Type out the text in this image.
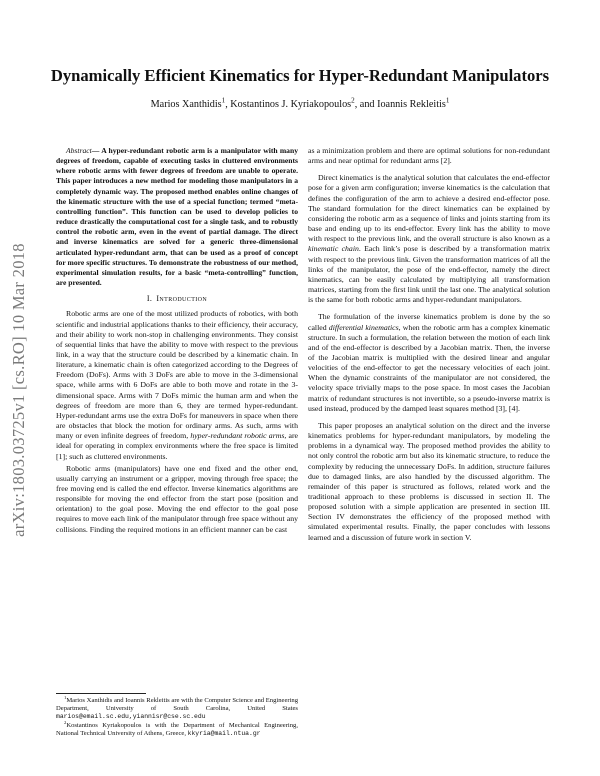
arXiv:1803.03725v1 [cs.RO] 10 Mar 2018
Dynamically Efficient Kinematics for Hyper-Redundant Manipulators
Marios Xanthidis$^1$, Kostantinos J. Kyriakopoulos$^2$, and Ioannis Rekleitis$^1$

Abstract— A hyper-redundant robotic arm is a manipulator with many degrees of freedom, capable of executing tasks in cluttered environments where robotic arms with fewer degrees of freedom are unable to operate. This paper introduces a new method for modeling those manipulators in a completely dynamic way. The proposed method enables online changes of the kinematic structure with the use of a special function; termed “meta-controlling function”. This function can be used to develop policies to reduce drastically the computational cost for a single task, and to robustly control the robotic arm, even in the event of partial damage. The direct and inverse kinematics are solved for a generic three-dimensional articulated hyper-redundant arm, that can be used as a proof of concept for more specific structures. To demonstrate the robustness of our method, experimental simulation results, for a basic “meta-controlling” function, are presented.

I. Introduction

Robotic arms are one of the most utilized products of robotics, with both scientific and industrial applications thanks to their efficiency, their accuracy, and their ability to work non-stop in challenging environments. They consist of sequential links that have the ability to move with respect to the previous link, in a way that the structure could be described by a kinematic chain. In literature, a kinematic chain is often categorized according to the Degrees of Freedom (DoFs). Arms with 3 DoFs are able to move in the 3-dimensional space, while arms with 6 DoFs are able to both move and rotate in the 3-dimensional space. Arms with 7 DoFs mimic the human arm and when the degrees of freedom are more than 6, they are termed hyper-redundant. Hyper-redundant arms use the extra DoFs for maneuvers in space when there are obstacles that block the motion for ordinary arms. As such, arms with many or even infinite degrees of freedom, hyper-redundant robotic arms, are ideal for operating in complex environments where the free space is limited [1]; such as cluttered environments.

Robotic arms (manipulators) have one end fixed and the other end, usually carrying an instrument or a gripper, moving through free space; the free moving end is called the end effector. Inverse kinematics algorithms are responsible for moving the end effector from the start pose (position and orientation) to the goal pose. Moving the end effector to the goal pose requires to move each link of the manipulator through free space without any collisions. Finding the required motions in an efficient manner can be cast

as a minimization problem and there are optimal solutions for non-redundant arms and near optimal for redundant arms [2].

Direct kinematics is the analytical solution that calculates the end-effector pose for a given arm configuration; inverse kinematics is the calculation that defines the configuration of the arm to achieve a desired end-effector pose. The standard formulation for the direct kinematics can be explained by considering the robotic arm as a sequence of links and joints starting from its base and ending up to its end-effector. Every link has the ability to move with respect to the previous link, and the overall structure is also known as a kinematic chain. Each link’s pose is described by a transformation matrix with respect to the previous link. Given the transformation matrices of all the links of the manipulator, the pose of the end-effector, namely the direct kinematics, can be easily calculated by multiplying all transformation matrices, starting from the first link until the last one. The analytical solution is the same for both robotic arms and hyper-redundant manipulators.

The formulation of the inverse kinematics problem is done by the so called differential kinematics, when the robotic arm has a complex kinematic structure. In such a formulation, the relation between the motion of each link and of the end-effector is described by a Jacobian matrix. Then, the inverse of the Jacobian matrix is multiplied with the desired linear and angular velocities of the end-effector to get the necessary velocities of each joint. When the dynamic constraints of the manipulator are not considered, the velocity space trivially maps to the pose space. In most cases the Jacobian matrix of redundant structures is not invertible, so a pseudo-inverse matrix is used instead, produced by the damped least squares method [3], [4].

This paper proposes an analytical solution on the direct and the inverse kinematics problems for hyper-redundant manipulators, by modeling the problems in a dynamical way. The proposed method provides the ability to not only control the robotic arm but also its kinematic structure, to reduce the complexity by reducing the unnecessary DoFs. In addition, structure failures due to damaged links, are also handled by the discussed algorithm. The remainder of this paper is structured as follows, related work and the traditional approach to these problems is discussed in section II. The proposed solution with a simple application are presented in section III. Section IV demonstrates the efficiency of the proposed method with simulated experimental results. Finally, the paper concludes with lessons learned and a discussion of future work in section V.

$^1$Marios Xanthidis and Ioannis Rekleitis are with the Computer Science and Engineering Department, University of South Carolina, United States marios@email.sc.edu,yiannisr@cse.sc.edu

$^2$Kostantinos Kyriakopoulos is with the Department of Mechanical Engineering, National Technical University of Athens, Greece, kkyria@mail.ntua.gr
